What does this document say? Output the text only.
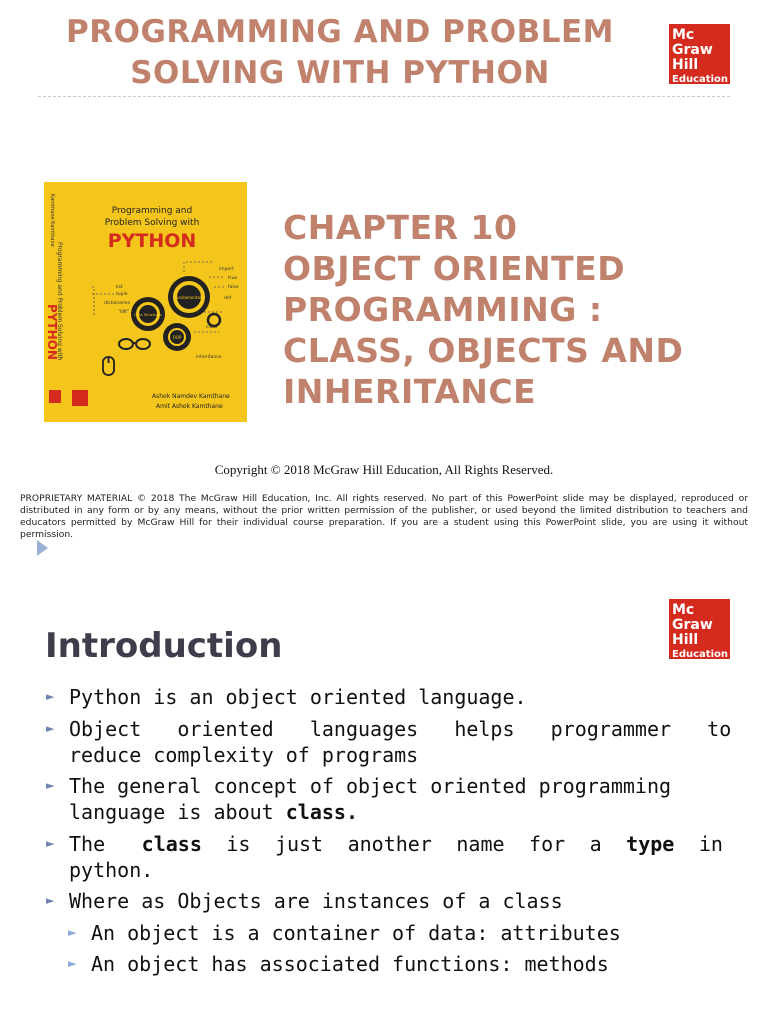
PROGRAMMING AND PROBLEM
SOLVING WITH PYTHON
Mc
Graw
Hill
Education
Kamthane Kamthane
Programming and Problem Solving with
PYTHON
Programming and
Problem Solving with
PYTHON
import
true
false
def
class
inheritance
list
tuple
dictionaries
set
Fundamentals
Data Structures
OOP
Ashok Namdev Kamthane
Amit Ashok Kamthane
CHAPTER 10
OBJECT ORIENTED
PROGRAMMING :
CLASS, OBJECTS AND
INHERITANCE
Copyright © 2018 McGraw Hill Education, All Rights Reserved.
PROPRIETARY MATERIAL © 2018 The McGraw Hill Education, Inc. All rights reserved. No part of this PowerPoint slide may be displayed, reproduced or distributed in any form or by any means, without the prior written permission of the publisher, or used beyond the limited distribution to teachers and educators permitted by McGraw Hill for their individual course preparation. If you are a student using this PowerPoint slide, you are using it without permission.
Mc
Graw
Hill
Education
Introduction
► Python is an object oriented language.
► Object   oriented   languages   helps   programmer   to
reduce complexity of programs
► The general concept of object oriented programming
language is about class.
► The class is just another name for a type in
python.
► Where as Objects are instances of a class
► An object is a container of data: attributes
► An object has associated functions: methods
